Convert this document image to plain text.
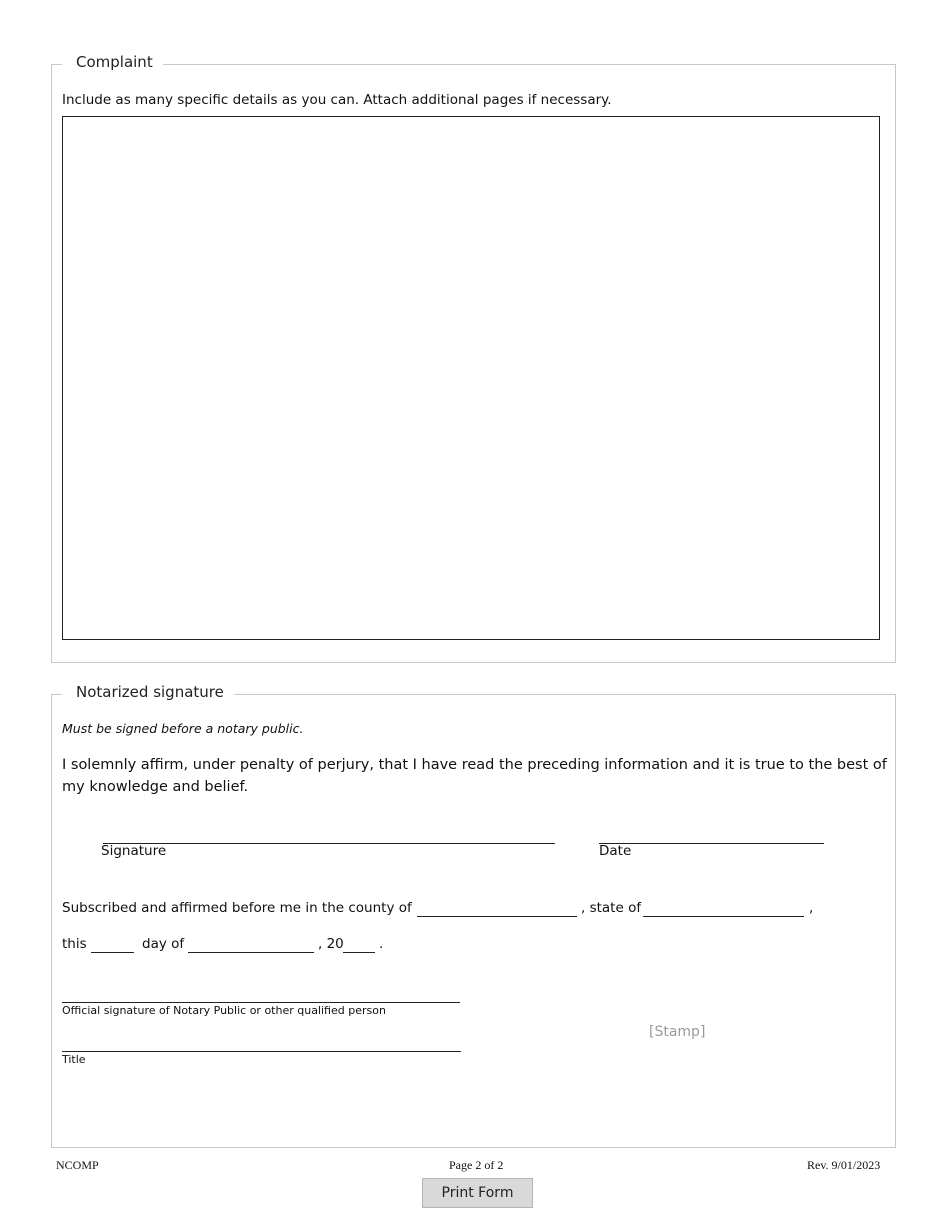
Complaint
Include as many specific details as you can. Attach additional pages if necessary.
Notarized signature
Must be signed before a notary public.
I solemnly affirm, under penalty of perjury, that I have read the preceding information and it is true to the best of
my knowledge and belief.
Signature	Date
Subscribed and affirmed before me in the county of	, state of	,
this	day of	, 20	.
Official signature of Notary Public or other qualified person
Title
[Stamp]
NCOMP	Page 2 of 2	Rev. 9/01/2023
Print Form
